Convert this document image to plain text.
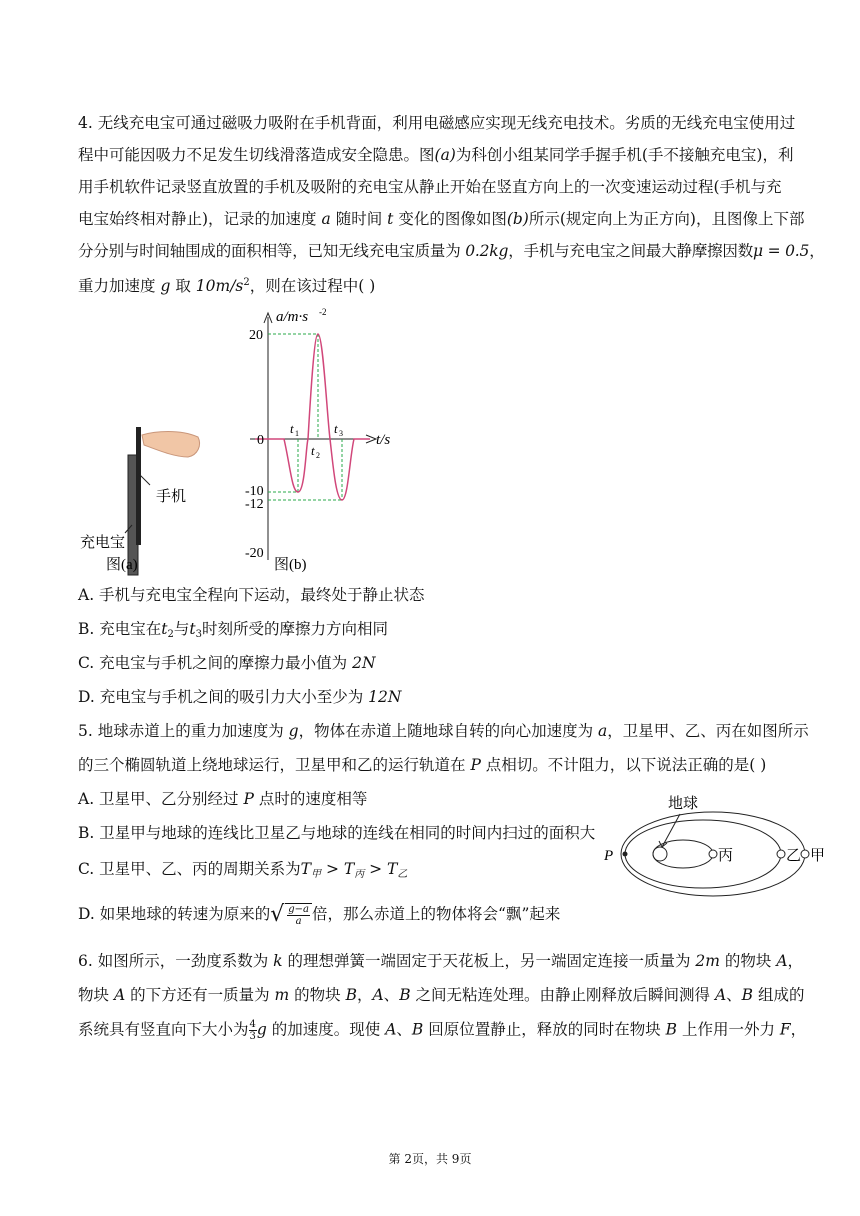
4. 无线充电宝可通过磁吸力吸附在手机背面，利用电磁感应实现无线充电技术。劣质的无线充电宝使用过
程中可能因吸力不足发生切线滑落造成安全隐患。图(a)为科创小组某同学手握手机(手不接触充电宝)，利
用手机软件记录竖直放置的手机及吸附的充电宝从静止开始在竖直方向上的一次变速运动过程(手机与充
电宝始终相对静止)，记录的加速度 a 随时间 t 变化的图像如图(b)所示(规定向上为正方向)，且图像上下部
分分别与时间轴围成的面积相等，已知无线充电宝质量为 0.2kg，手机与充电宝之间最大静摩擦因数μ = 0.5，
重力加速度 g 取 $10m/s^2$，则在该过程中( )
手机
充电宝
图(a)
20
0
-10
-12
-20
a/m·s -2
t/s
t 1
t 2
t 3
图(b)
A. 手机与充电宝全程向下运动，最终处于静止状态
B. 充电宝在$t_2$与$t_3$时刻所受的摩擦力方向相同
C. 充电宝与手机之间的摩擦力最小值为 2N
D. 充电宝与手机之间的吸引力大小至少为 12N
5. 地球赤道上的重力加速度为 g，物体在赤道上随地球自转的向心加速度为 a，卫星甲、乙、丙在如图所示
的三个椭圆轨道上绕地球运行，卫星甲和乙的运行轨道在 P 点相切。不计阻力，以下说法正确的是( )
A. 卫星甲、乙分别经过 P 点时的速度相等
B. 卫星甲与地球的连线比卫星乙与地球的连线在相同的时间内扫过的面积大
C. 卫星甲、乙、丙的周期关系为$T_甲 > T_丙 > T_乙$
D. 如果地球的转速为原来的√ $\frac{g-a}{a}$ 倍，那么赤道上的物体将会“飘”起来
地球
丙	乙 甲
P
6. 如图所示，一劲度系数为 k 的理想弹簧一端固定于天花板上，另一端固定连接一质量为 2m 的物块 A，
物块 A 的下方还有一质量为 m 的物块 B，A、B 之间无粘连处理。由静止刚释放后瞬间测得 A、B 组成的
系统具有竖直向下大小为 $\frac{4}{3}$ g 的加速度。现使 A、B 回原位置静止，释放的同时在物块 B 上作用一外力 F，
第 2页，共 9页
